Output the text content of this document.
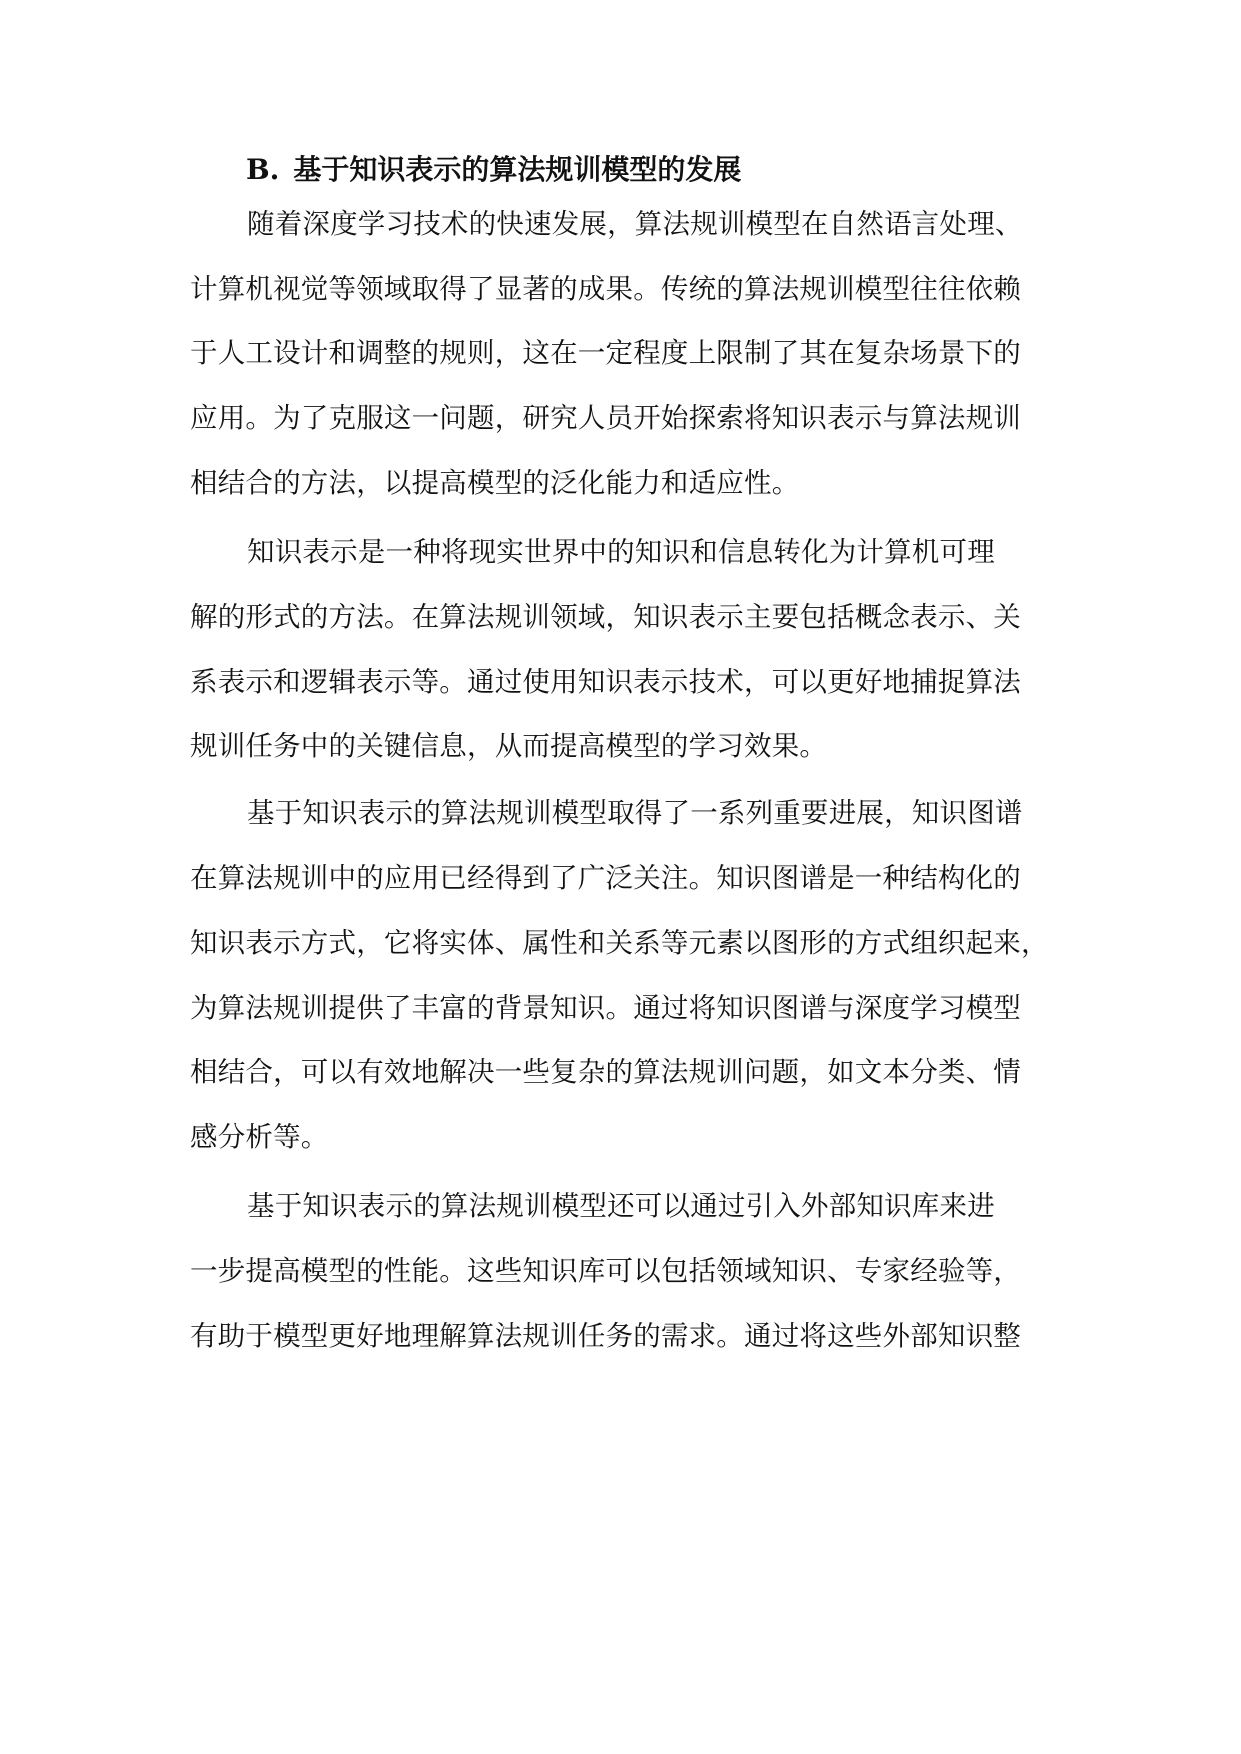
B. 基于知识表示的算法规训模型的发展
随着深度学习技术的快速发展，算法规训模型在自然语言处理、
计算机视觉等领域取得了显著的成果。传统的算法规训模型往往依赖
于人工设计和调整的规则，这在一定程度上限制了其在复杂场景下的
应用。为了克服这一问题，研究人员开始探索将知识表示与算法规训
相结合的方法，以提高模型的泛化能力和适应性。
知识表示是一种将现实世界中的知识和信息转化为计算机可理
解的形式的方法。在算法规训领域，知识表示主要包括概念表示、关
系表示和逻辑表示等。通过使用知识表示技术，可以更好地捕捉算法
规训任务中的关键信息，从而提高模型的学习效果。
基于知识表示的算法规训模型取得了一系列重要进展，知识图谱
在算法规训中的应用已经得到了广泛关注。知识图谱是一种结构化的
知识表示方式，它将实体、属性和关系等元素以图形的方式组织起来，
为算法规训提供了丰富的背景知识。通过将知识图谱与深度学习模型
相结合，可以有效地解决一些复杂的算法规训问题，如文本分类、情
感分析等。
基于知识表示的算法规训模型还可以通过引入外部知识库来进
一步提高模型的性能。这些知识库可以包括领域知识、专家经验等，
有助于模型更好地理解算法规训任务的需求。通过将这些外部知识整
